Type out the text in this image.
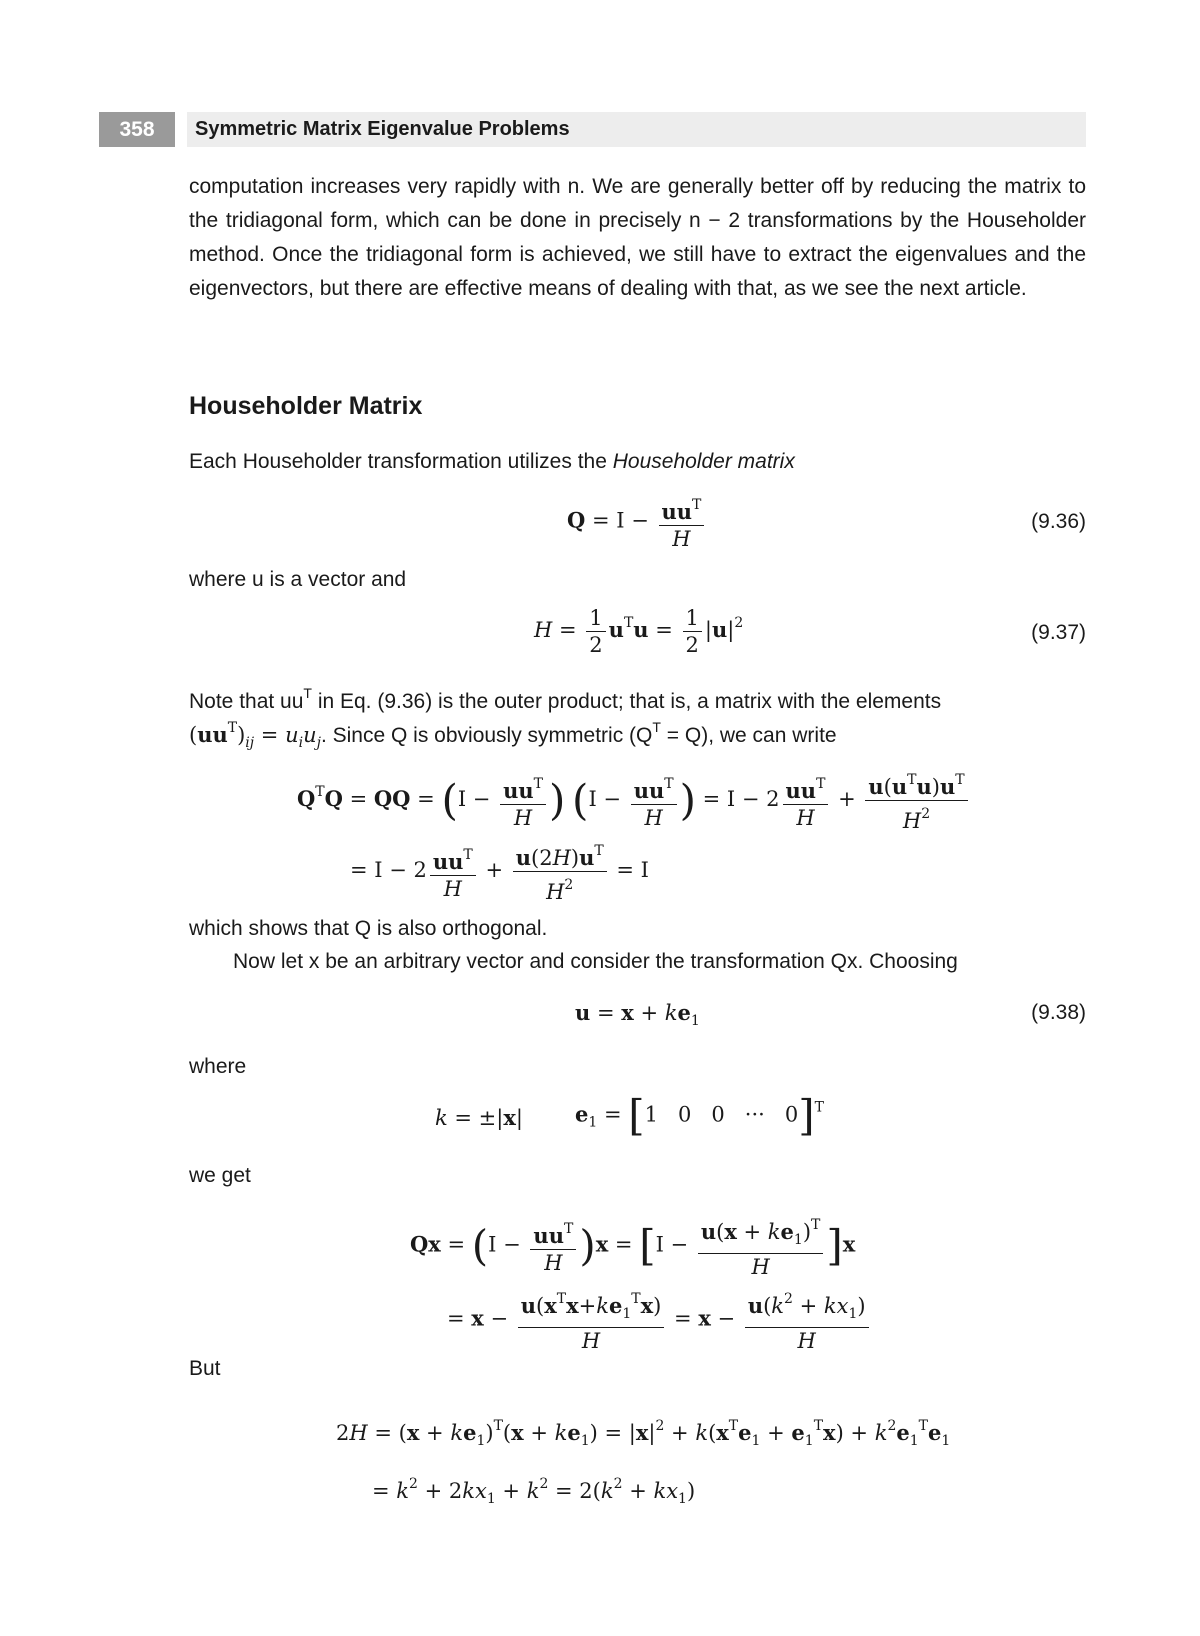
358	Symmetric Matrix Eigenvalue Problems

computation increases very rapidly with n. We are generally better off by reducing the matrix to the tridiagonal form, which can be done in precisely n − 2 transformations by the Householder method. Once the tridiagonal form is achieved, we still have to extract the eigenvalues and the eigenvectors, but there are effective means of dealing with that, as we see the next article.

Householder Matrix

Each Householder transformation utilizes the Householder matrix

$Q = I - \frac{uu^T}{H}$	(9.36)

where u is a vector and

$H = \frac{1}{2} u^Tu = \frac{1}{2} |u|^2$	(9.37)

Note that $uu^T$ in Eq. (9.36) is the outer product; that is, a matrix with the elements

$(uu^T)_{ij} = u_iu_j$. Since Q is obviously symmetric $(Q^T = Q)$, we can write

$Q^TQ$ = QQ = ($I - \frac{uu^T}{H}$ ) ($I - \frac{uu^T}{H}$ ) = $I - 2 \frac{uu^T}{H} + \frac{u(u^Tu)u^T}{H^2}$
= $I - 2 \frac{uu^T}{H} + \frac{u(2H)u^T}{H^2} = I$

which shows that Q is also orthogonal.

Now let x be an arbitrary vector and consider the transformation Qx. Choosing

$u = x + ke_1$	(9.38)

where

k = ±|x| $e_1 = [1$   0   0   ···   0]$^T$

we get

$Qx = (I - \frac{uu^T}{H} )x = [I - \frac{u(x + ke_1)^T}{H} ]x$
= $x - \frac{u(x^Tx+ke_1^Tx)}{H} = x - \frac{u(k^2 + kx_1)}{H}$

But

$2H = (x + ke_1)^T(x + ke_1) = |x|^2 + k(x^Te_1 + e_1^Tx) + k^2e_1^Te_1$
= $k^2 + 2kx_1 + k^2 = 2(k^2 + kx_1)$
